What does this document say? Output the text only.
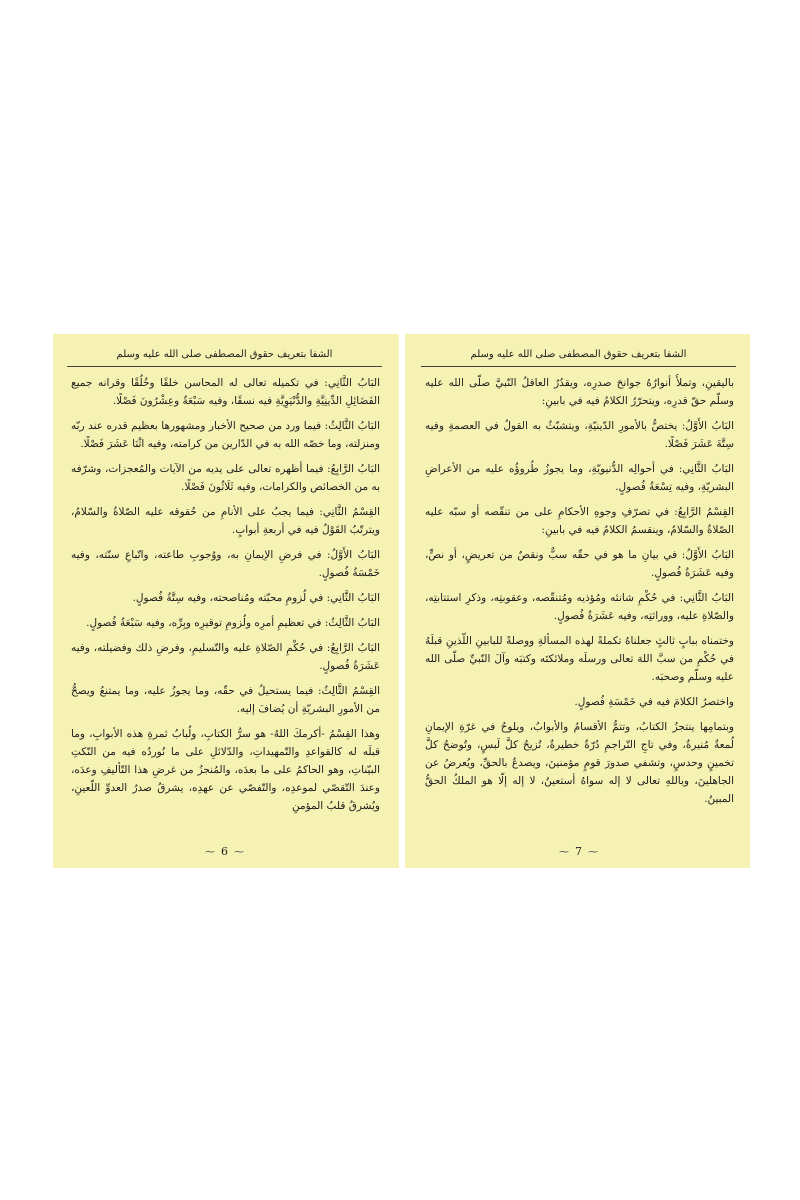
الشفا بتعريف حقوق المصطفى صلى الله عليه وسلم

البَابُ الثَّانِي: في تكميله تعالى له المحاسن خلقًا وخُلُقًا وقرانه جميع الفَضَائِلِ الدِّينِيَّةِ والدُّنْيَوِيَّةِ فيه نسقًا، وفيه سَبْعَةٌ وعِشْرُونَ فَصْلًا.

البَابُ الثَّالِثُ: فيما ورد من صحيح الأخبار ومشهورها بعظيم قدره عند ربّه ومنزلته، وما خصّه الله به في الدّارين من كرامته، وفيه اثْنَا عَشَرَ فَصْلًا.

البَابُ الرَّابِعُ: فيما أظهره تعالى على يديه من الآيات والمُعجزات، وشرّفه به من الخصائص والكرامات، وفيه ثَلَاثُونَ فَصْلًا.

القِسْمُ الثَّانِي: فيما يجبُ على الأنامِ من حُقوقه عليه الصّلاةُ والسّلامُ، ويترتّبُ القَوْلُ فيه في أربعةِ أبوابٍ.

البَابُ الأَوَّلُ: في فرضِ الإيمانِ به، ووُجوبِ طاعته، واتّباعِ سنّته، وفيه خَمْسَةُ فُصولٍ.

البَابُ الثَّانِي: في لُزومِ محبّته ومُناصحته، وفيه سِتَّةُ فُصولٍ.

البَابُ الثَّالِثُ: في تعظيمِ أمرِه ولُزومِ توقيرِه وبِرِّه، وفيه سَبْعَةُ فُصولٍ.

البَابُ الرَّابِعُ: في حُكْمِ الصّلاةِ عليه والتّسليمِ، وفرضِ ذلك وفضيلته، وفيه عَشَرَةُ فُصولٍ.

القِسْمُ الثَّالِثُ: فيما يستحيلُ في حقّه، وما يجوزُ عليه، وما يمتنعُ ويصحُّ من الأمورِ البشريّةِ أن يُضافَ إليه.

وهذا القِسْمُ -أكرمكَ اللهُ- هو سرُّ الكتابِ، ولُبابُ ثمرةِ هذه الأبوابِ، وما قبلَه له كالقواعدِ والتّمهيداتِ، والدّلائلِ على ما نُوردُه فيه من النّكتِ البيّناتِ، وهو الحاكمُ على ما بعدَه، والمُنجزُ من غرضِ هذا التّأليفِ وعدَه، وعندَ التّقصّي لموعدِه، والتّفصّي عن عهدِه، يشرقُ صدرُ العدوِّ اللّعينِ، ويُشرقُ قلبُ المؤمنِ

⁓ 6 ⁓
الشفا بتعريف حقوق المصطفى صلى الله عليه وسلم

باليقينِ، وتملأُ أنوارُهُ جوانحَ صدرِه، ويقدُرُ العاقلُ النّبيَّ صلّى الله عليه وسلّم حقّ قدرِه، ويتحرّرُ الكلامُ فيه في بابينِ:

البَابُ الأَوَّلُ: يختصُّ بالأمورِ الدّينيّةِ، ويتشبّثُ به القولُ في العصمةِ وفيه سِتَّةَ عَشَرَ فَصْلًا.

البَابُ الثَّانِي: في أحوالِه الدُّنيويّةِ، وما يجوزُ طُروؤُه عليه من الأعراضِ البشريّةِ، وفيه تِسْعَةُ فُصولٍ.

القِسْمُ الرَّابِعُ: في تصرّفِ وجوهِ الأحكامِ على من تنقّصه أو سبّه عليه الصّلاةُ والسّلامُ، وينقسمُ الكلامُ فيه في بابينِ:

البَابُ الأَوَّلُ: في بيانِ ما هو في حقّه سبٌّ ونقصٌ من تعريضٍ، أو نصٍّ، وفيه عَشَرَةُ فُصولٍ.

البَابُ الثَّانِي: في حُكْمِ شانئه ومُؤذيه ومُتنقّصه، وعقوبتِه، وذكرِ استتابتِه، والصّلاةِ عليه، ووراثتِه، وفيه عَشَرَةُ فُصولٍ.

وختمناه ببابٍ ثالثٍ جعلناهُ تكملةً لهذه المسألةِ ووصلةً للبابينِ اللّذينِ قبلَهُ في حُكْمِ من سبَّ اللهَ تعالى ورسلَه وملائكتَه وكتبَه وآلَ النّبيِّ صلّى الله عليه وسلّم وصحبَه.

واختصرُ الكلامَ فيه في خَمْسَةِ فُصولٍ.

وبتمامِها ينتجزُ الكتابُ، وتتمُّ الأقسامُ والأبوابُ، ويلوحُ في غرّةِ الإيمانِ لُمعةٌ مُنيرةٌ، وفي تاجِ التّراجمِ دُرّةٌ خطيرةٌ، تُزيحُ كلَّ لَبسٍ، وتُوضحُ كلَّ تخمينٍ وحدسٍ، وتشفي صدورَ قومٍ مؤمنينَ، ويصدعُ بالحقِّ، ويُعرضُ عن الجاهلينَ، وباللهِ تعالى لا إله سواهُ أستعينُ، لا إله إلّا هو الملكُ الحقُّ المبينُ.

⁓ 7 ⁓
